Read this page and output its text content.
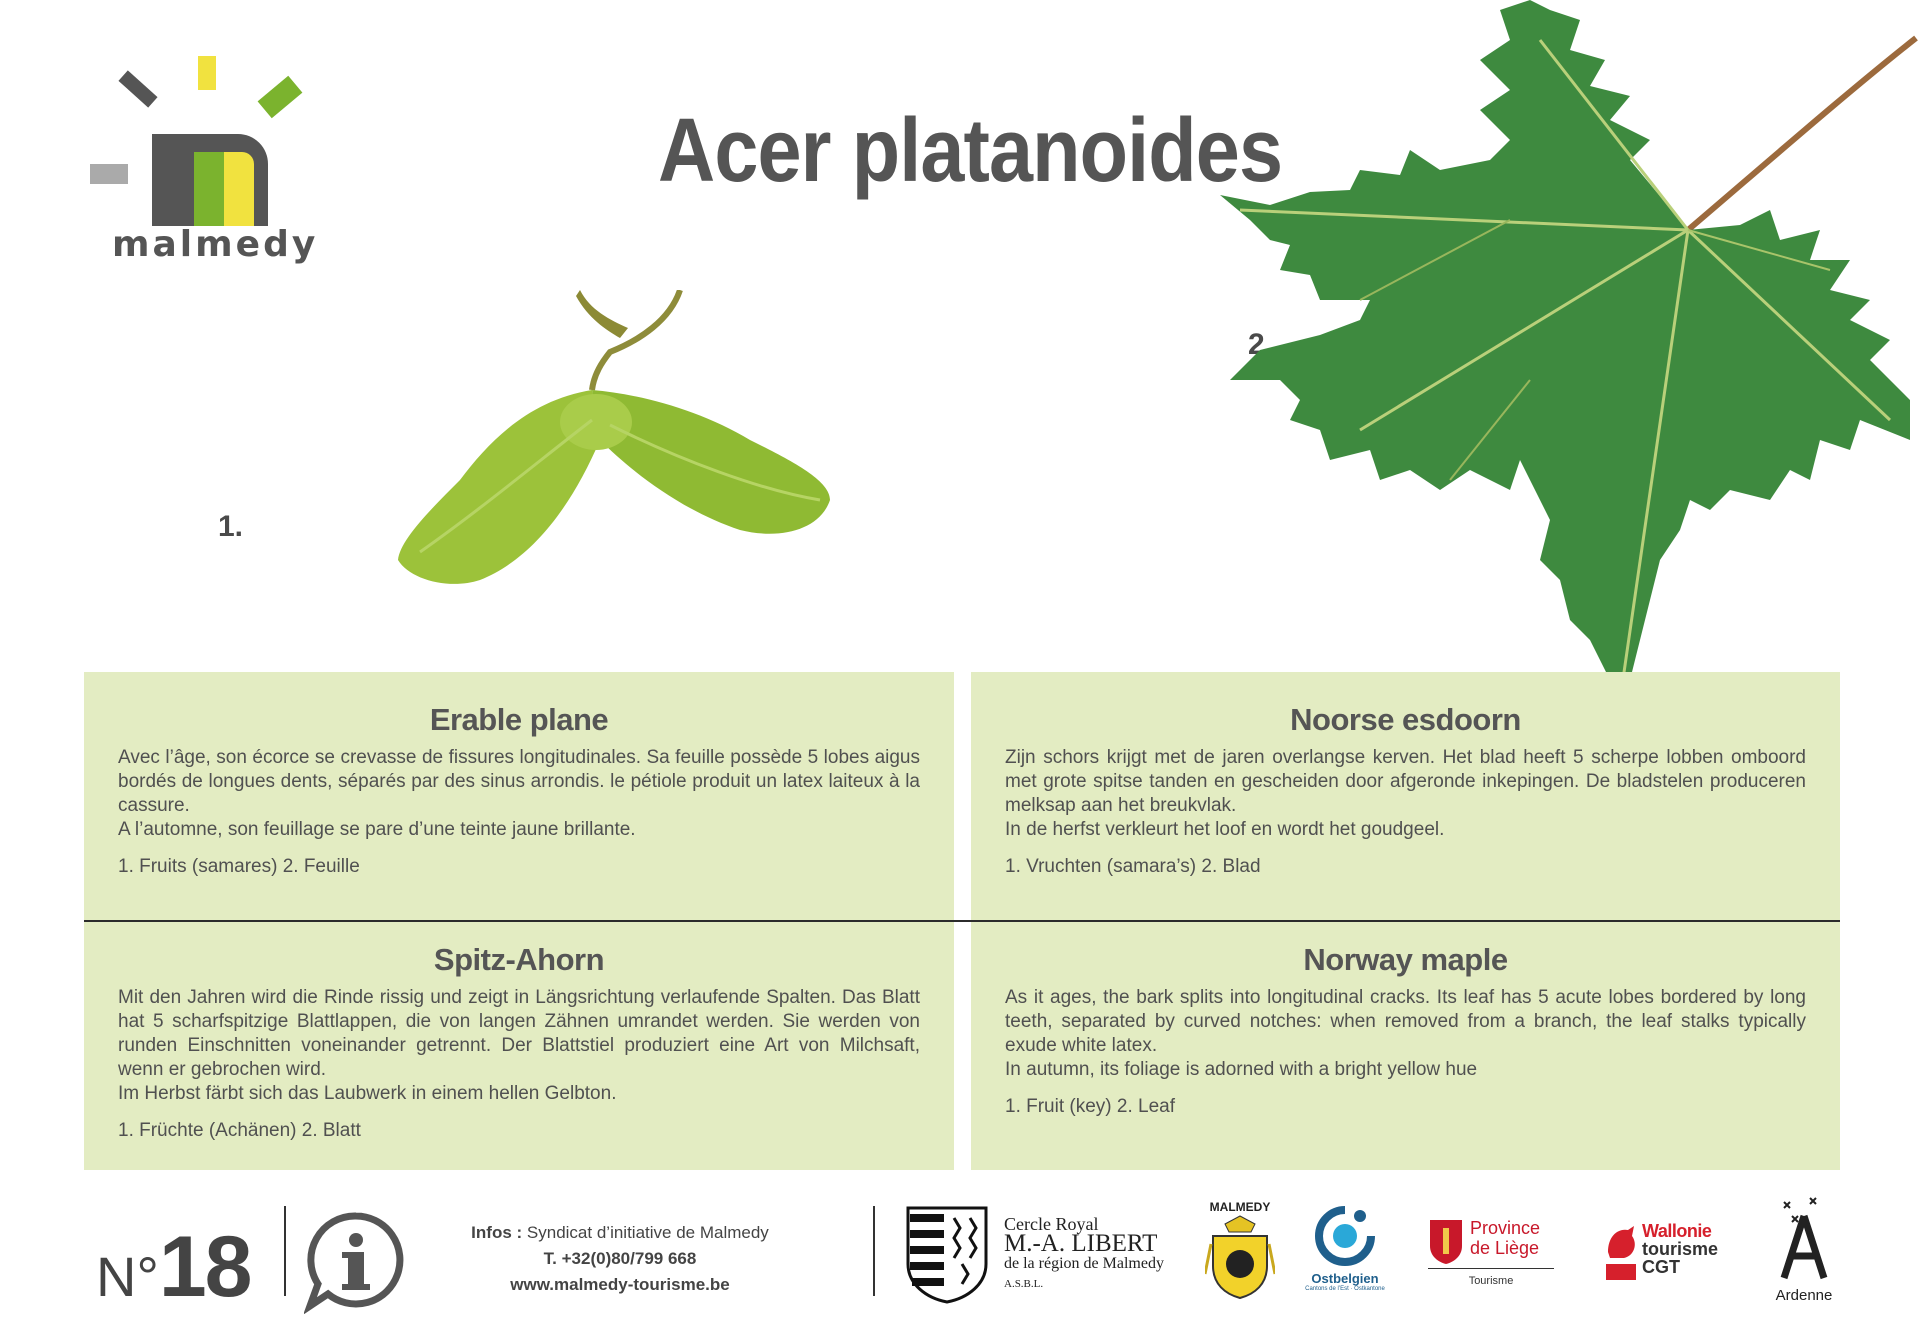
malmedy
Acer platanoides
1.
2.
Erable plane

Avec l’âge, son écorce se crevasse de fissures longitudinales. Sa feuille possède 5 lobes aigus bordés de longues dents, séparés par des sinus arrondis. le pétiole produit un latex laiteux à la cassure.

A l’automne, son feuillage se pare d’une teinte jaune brillante.

1. Fruits (samares) 2. Feuille
Noorse esdoorn

Zijn schors krijgt met de jaren overlangse kerven. Het blad heeft 5 scherpe lobben omboord met grote spitse tanden en gescheiden door afgeronde inkepingen. De bladstelen produceren melksap aan het breukvlak.

In de herfst verkleurt het loof en wordt het goudgeel.

1. Vruchten (samara’s) 2. Blad
Spitz-Ahorn

Mit den Jahren wird die Rinde rissig und zeigt in Längsrichtung verlaufende Spalten. Das Blatt hat 5 scharfspitzige Blattlappen, die von langen Zähnen umrandet werden. Sie werden von runden Einschnitten voneinander getrennt. Der Blattstiel produziert eine Art von Milchsaft, wenn er gebrochen wird.

Im Herbst färbt sich das Laubwerk in einem hellen Gelbton.

1. Früchte (Achänen) 2. Blatt
Norway maple

As it ages, the bark splits into longitudinal cracks. Its leaf has 5 acute lobes bordered by long teeth, separated by curved notches: when removed from a branch, the leaf stalks typically exude white latex.

In autumn, its foliage is adorned with a bright yellow hue

1. Fruit (key) 2. Leaf
N°18	Infos : Syndicat d’initiative de Malmedy
T. +32(0)80/799 668
www.malmedy-tourisme.be
Cercle Royal
M.-A. LIBERT
de la région de Malmedy
A.S.B.L.
MALMEDY
Ostbelgien
Cantons de l’Est · Ostkantone
Province
de Liège
Tourisme
Wallonie
tourisme
CGT
Ardenne
